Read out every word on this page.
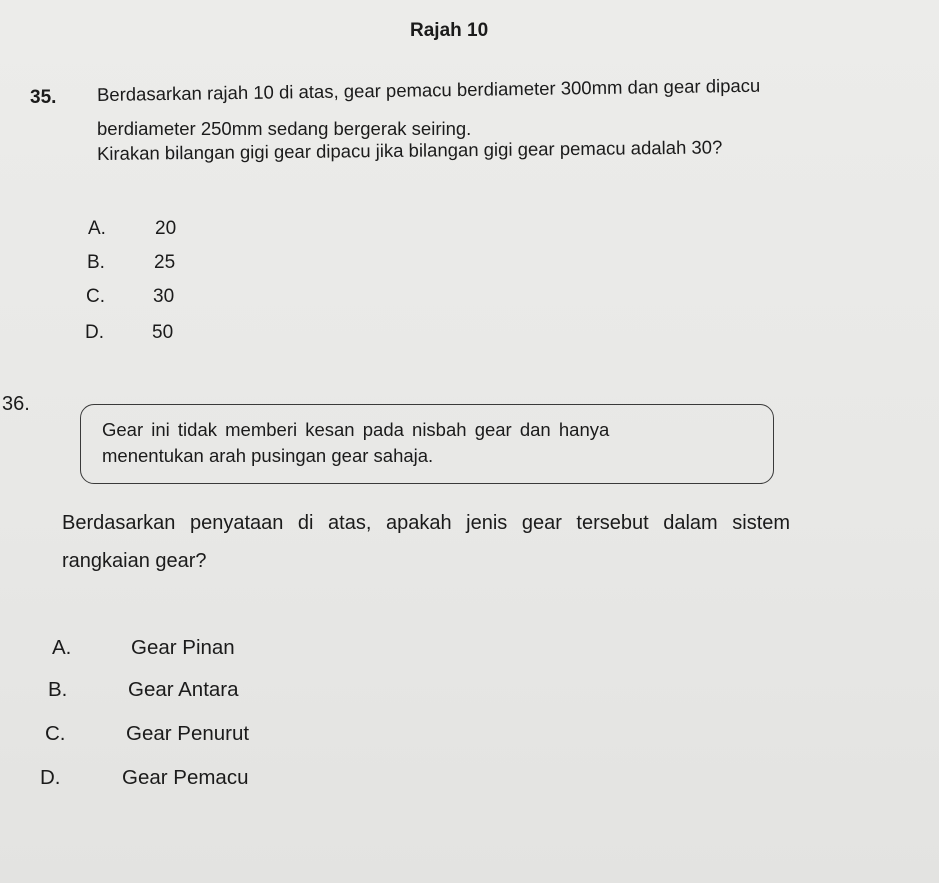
Rajah 10
35. Berdasarkan rajah 10 di atas, gear pemacu berdiameter 300mm dan gear dipacu
berdiameter 250mm sedang bergerak seiring.
Kirakan bilangan gigi gear dipacu jika bilangan gigi gear pemacu adalah 30?
A.	20
B.	25
C.	30
D.	50
36.
Gear ini tidak memberi kesan pada nisbah gear dan hanya
menentukan arah pusingan gear sahaja.
Berdasarkan penyataan di atas, apakah jenis gear tersebut dalam sistem
rangkaian gear?
A.	Gear Pinan
B.	Gear Antara
C.	Gear Penurut
D.	Gear Pemacu
